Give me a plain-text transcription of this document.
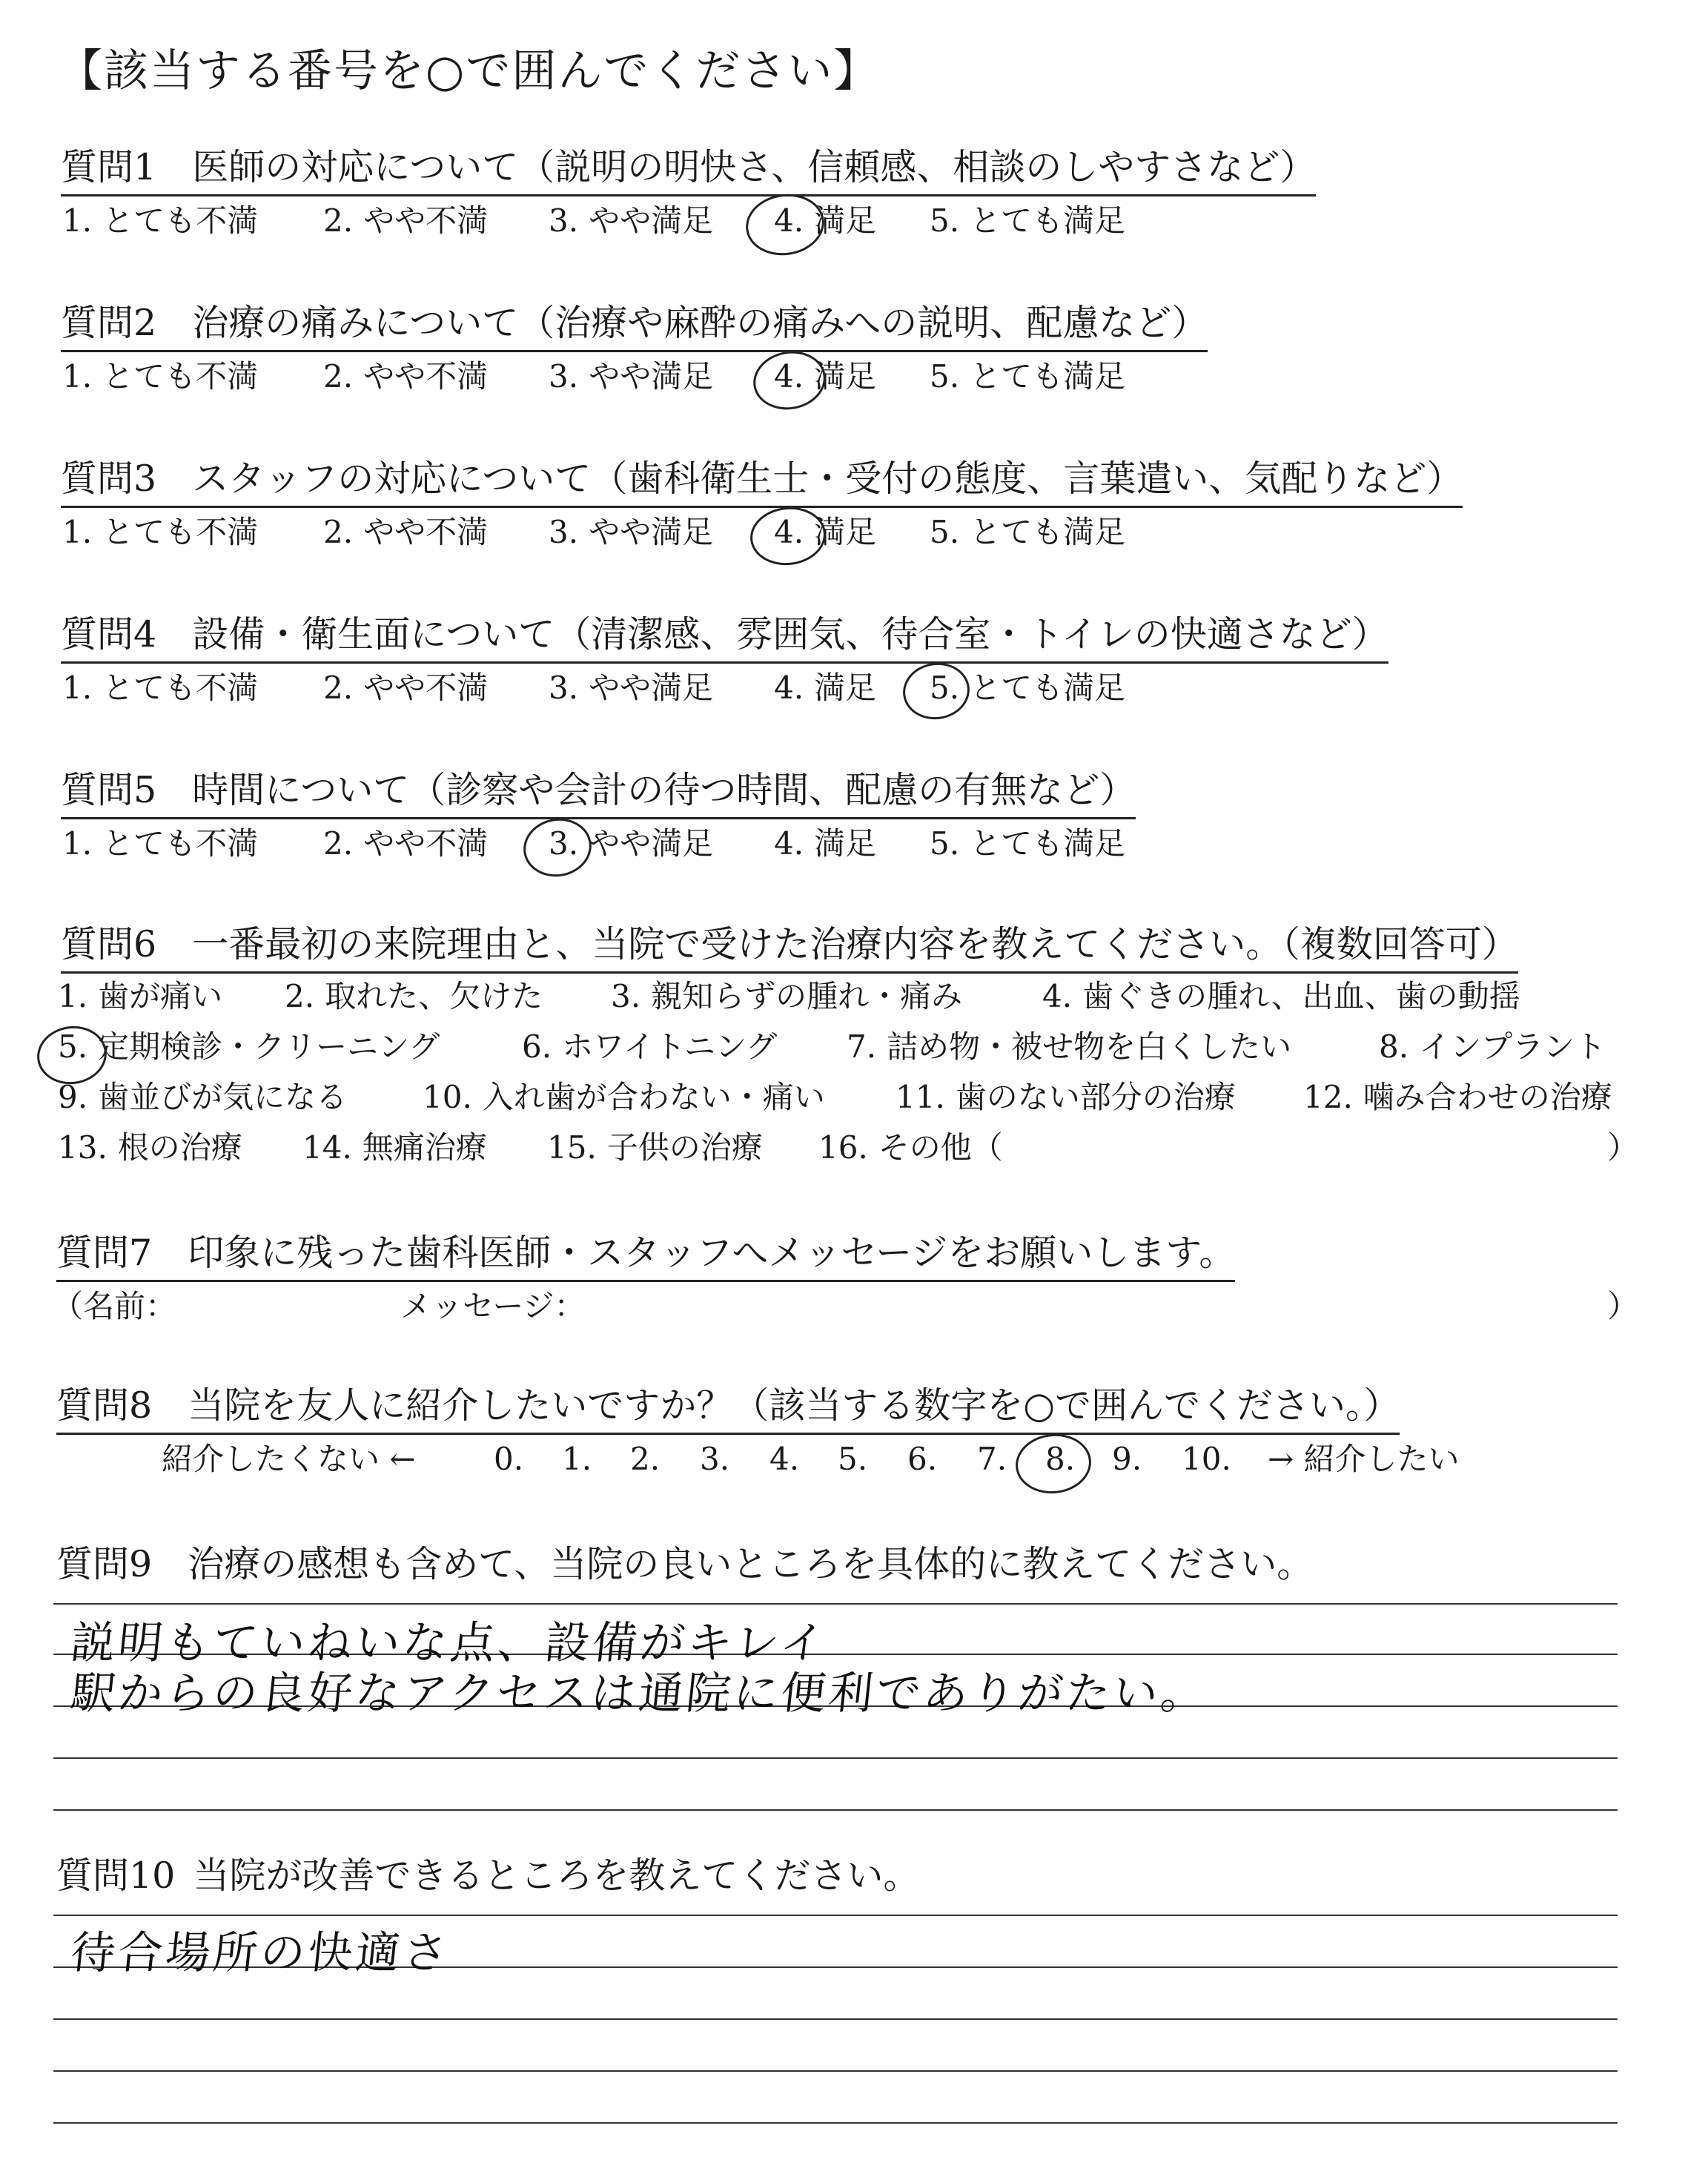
【該当する番号を○で囲んでください】
質問1 医師の対応について（説明の明快さ、信頼感、相談のしやすさなど）
1. とても不満 2. やや不満 3. やや満足 4. 満足 5. とても満足
質問2 治療の痛みについて（治療や麻酔の痛みへの説明、配慮など）
1. とても不満 2. やや不満 3. やや満足 4. 満足 5. とても満足
質問3 スタッフの対応について（歯科衛生士・受付の態度、言葉遣い、気配りなど）
1. とても不満 2. やや不満 3. やや満足 4. 満足 5. とても満足
質問4 設備・衛生面について（清潔感、雰囲気、待合室・トイレの快適さなど）
1. とても不満 2. やや不満 3. やや満足 4. 満足 5. とても満足
質問5 時間について（診察や会計の待つ時間、配慮の有無など）
1. とても不満 2. やや不満 3. やや満足 4. 満足 5. とても満足
質問6 一番最初の来院理由と、当院で受けた治療内容を教えてください。（複数回答可）
1. 歯が痛い 2. 取れた、欠けた 3. 親知らずの腫れ・痛み	4. 歯ぐきの腫れ、出血、歯の動揺
5. 定期検診・クリーニング	6. ホワイトニング 7. 詰め物・被せ物を白くしたい	8. インプラント
9. 歯並びが気になる 10. 入れ歯が合わない・痛い 11. 歯のない部分の治療 12. 噛み合わせの治療
13. 根の治療 14. 無痛治療 15. 子供の治療 16. その他（	）
質問7 印象に残った歯科医師・スタッフへメッセージをお願いします。
（名前：	メッセージ：	）
質問8 当院を友人に紹介したいですか？（該当する数字を○で囲んでください。）
紹介したくない ←	0. 1. 2. 3. 4. 5. 6. 7. 8. 9. 10. → 紹介したい
質問9 治療の感想も含めて、当院の良いところを具体的に教えてください。
説明もていねいな点、設備がキレイ
駅からの良好なアクセスは通院に便利でありがたい。
質問10 当院が改善できるところを教えてください。
待合場所の快適さ
